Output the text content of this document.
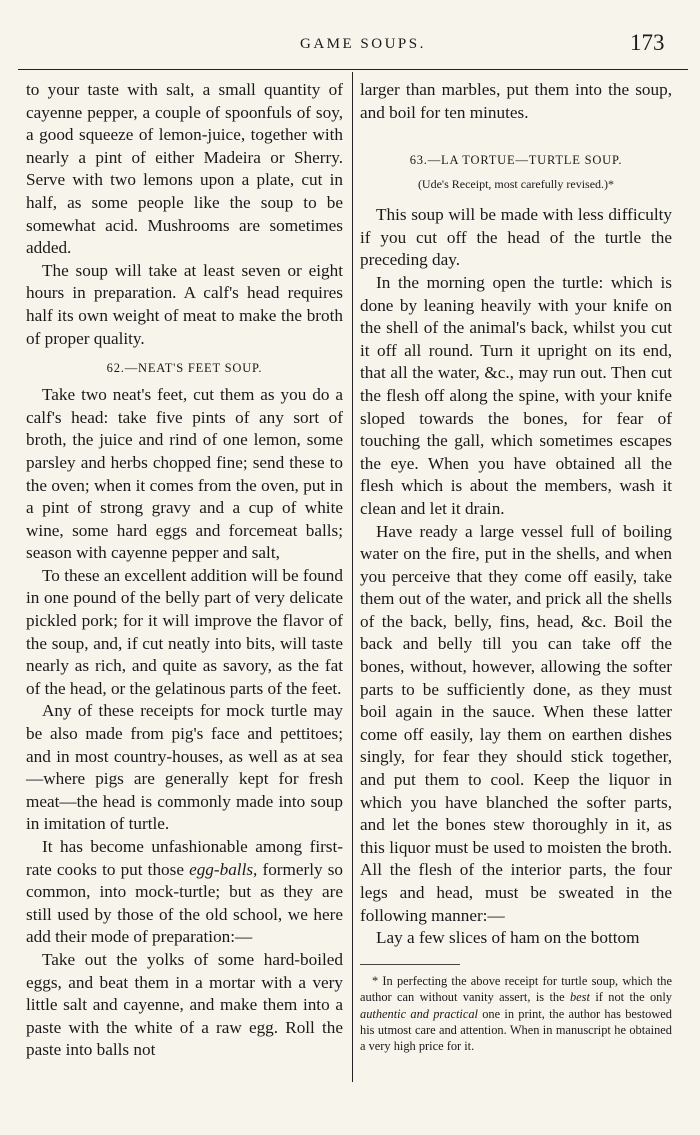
GAME SOUPS.	173

to your taste with salt, a small quantity of cayenne pepper, a couple of spoonfuls of soy, a good squeeze of lemon-juice, together with nearly a pint of either Madeira or Sherry. Serve with two lemons upon a plate, cut in half, as some people like the soup to be somewhat acid. Mushrooms are sometimes added.

The soup will take at least seven or eight hours in preparation. A calf's head requires half its own weight of meat to make the broth of proper quality.

62.—NEAT'S FEET SOUP.

Take two neat's feet, cut them as you do a calf's head: take five pints of any sort of broth, the juice and rind of one lemon, some parsley and herbs chopped fine; send these to the oven; when it comes from the oven, put in a pint of strong gravy and a cup of white wine, some hard eggs and forcemeat balls; season with cayenne pepper and salt,

To these an excellent addition will be found in one pound of the belly part of very delicate pickled pork; for it will improve the flavor of the soup, and, if cut neatly into bits, will taste nearly as rich, and quite as savory, as the fat of the head, or the gelatinous parts of the feet.

Any of these receipts for mock turtle may be also made from pig's face and pettitoes; and in most country-houses, as well as at sea—where pigs are generally kept for fresh meat—the head is commonly made into soup in imitation of turtle.

It has become unfashionable among first-rate cooks to put those egg-balls, formerly so common, into mock-turtle; but as they are still used by those of the old school, we here add their mode of preparation:—

Take out the yolks of some hard-boiled eggs, and beat them in a mortar with a very little salt and cayenne, and make them into a paste with the white of a raw egg. Roll the paste into balls not

larger than marbles, put them into the soup, and boil for ten minutes.

63.—LA TORTUE—TURTLE SOUP.
(Ude's Receipt, most carefully revised.)*

This soup will be made with less difficulty if you cut off the head of the turtle the preceding day.

In the morning open the turtle: which is done by leaning heavily with your knife on the shell of the animal's back, whilst you cut it off all round. Turn it upright on its end, that all the water, &c., may run out. Then cut the flesh off along the spine, with your knife sloped towards the bones, for fear of touching the gall, which sometimes escapes the eye. When you have obtained all the flesh which is about the members, wash it clean and let it drain.

Have ready a large vessel full of boiling water on the fire, put in the shells, and when you perceive that they come off easily, take them out of the water, and prick all the shells of the back, belly, fins, head, &c. Boil the back and belly till you can take off the bones, without, however, allowing the softer parts to be sufficiently done, as they must boil again in the sauce. When these latter come off easily, lay them on earthen dishes singly, for fear they should stick together, and put them to cool. Keep the liquor in which you have blanched the softer parts, and let the bones stew thoroughly in it, as this liquor must be used to moisten the broth. All the flesh of the interior parts, the four legs and head, must be sweated in the following manner:—

Lay a few slices of ham on the bottom

* In perfecting the above receipt for turtle soup, which the author can without vanity assert, is the best if not the only authentic and practical one in print, the author has bestowed his utmost care and attention. When in manuscript he obtained a very high price for it.
